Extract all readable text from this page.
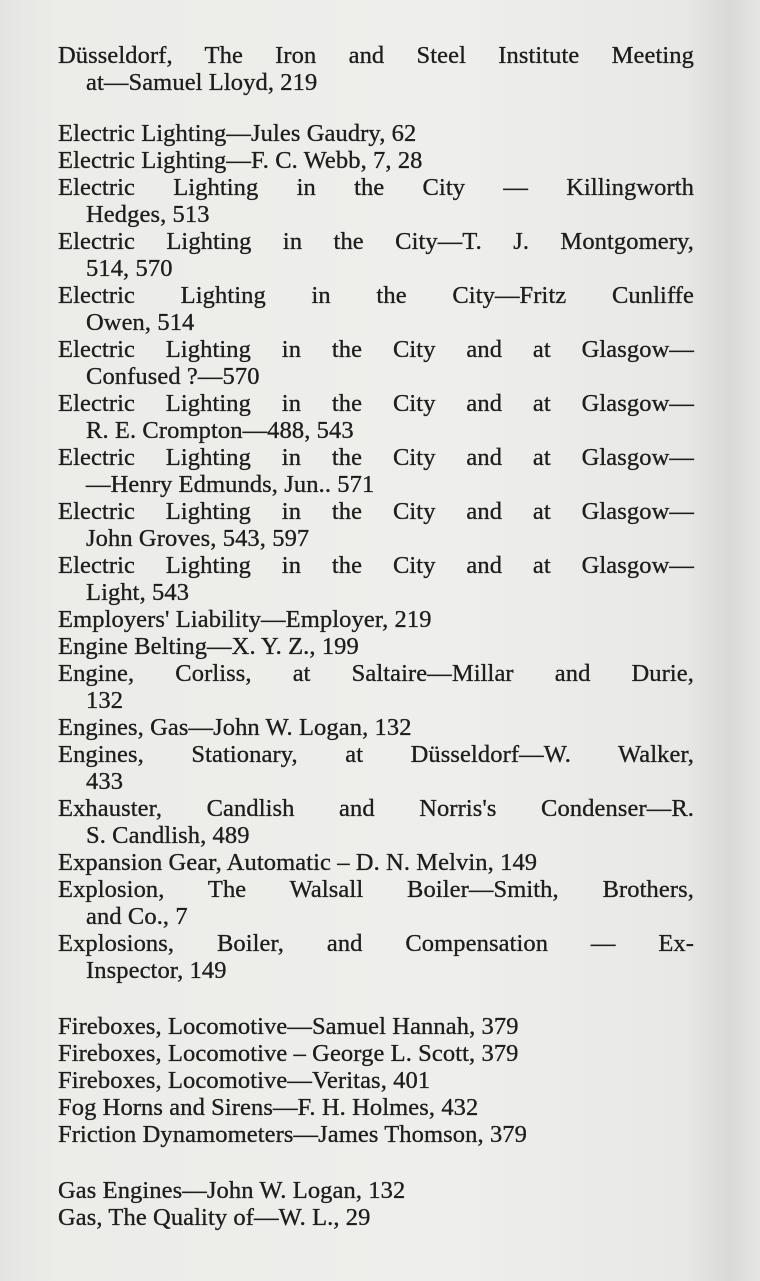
Düsseldorf, The Iron and Steel Institute Meeting
at—Samuel Lloyd, 219
Electric Lighting—Jules Gaudry, 62
Electric Lighting—F. C. Webb, 7, 28
Electric Lighting in the City — Killingworth
Hedges, 513
Electric Lighting in the City—T. J. Montgomery,
514, 570
Electric Lighting in the City—Fritz Cunliffe
Owen, 514
Electric Lighting in the City and at Glasgow—
Confused ?—570
Electric Lighting in the City and at Glasgow—
R. E. Crompton—488, 543
Electric Lighting in the City and at Glasgow—
—Henry Edmunds, Jun.. 571
Electric Lighting in the City and at Glasgow—
John Groves, 543, 597
Electric Lighting in the City and at Glasgow—
Light, 543
Employers' Liability—Employer, 219
Engine Belting—X. Y. Z., 199
Engine, Corliss, at Saltaire—Millar and Durie,
132
Engines, Gas—John W. Logan, 132
Engines, Stationary, at Düsseldorf—W. Walker,
433
Exhauster, Candlish and Norris's Condenser—R.
S. Candlish, 489
Expansion Gear, Automatic – D. N. Melvin, 149
Explosion, The Walsall Boiler—Smith, Brothers,
and Co., 7
Explosions, Boiler, and Compensation — Ex-
Inspector, 149
Fireboxes, Locomotive—Samuel Hannah, 379
Fireboxes, Locomotive – George L. Scott, 379
Fireboxes, Locomotive—Veritas, 401
Fog Horns and Sirens—F. H. Holmes, 432
Friction Dynamometers—James Thomson, 379
Gas Engines—John W. Logan, 132
Gas, The Quality of—W. L., 29
